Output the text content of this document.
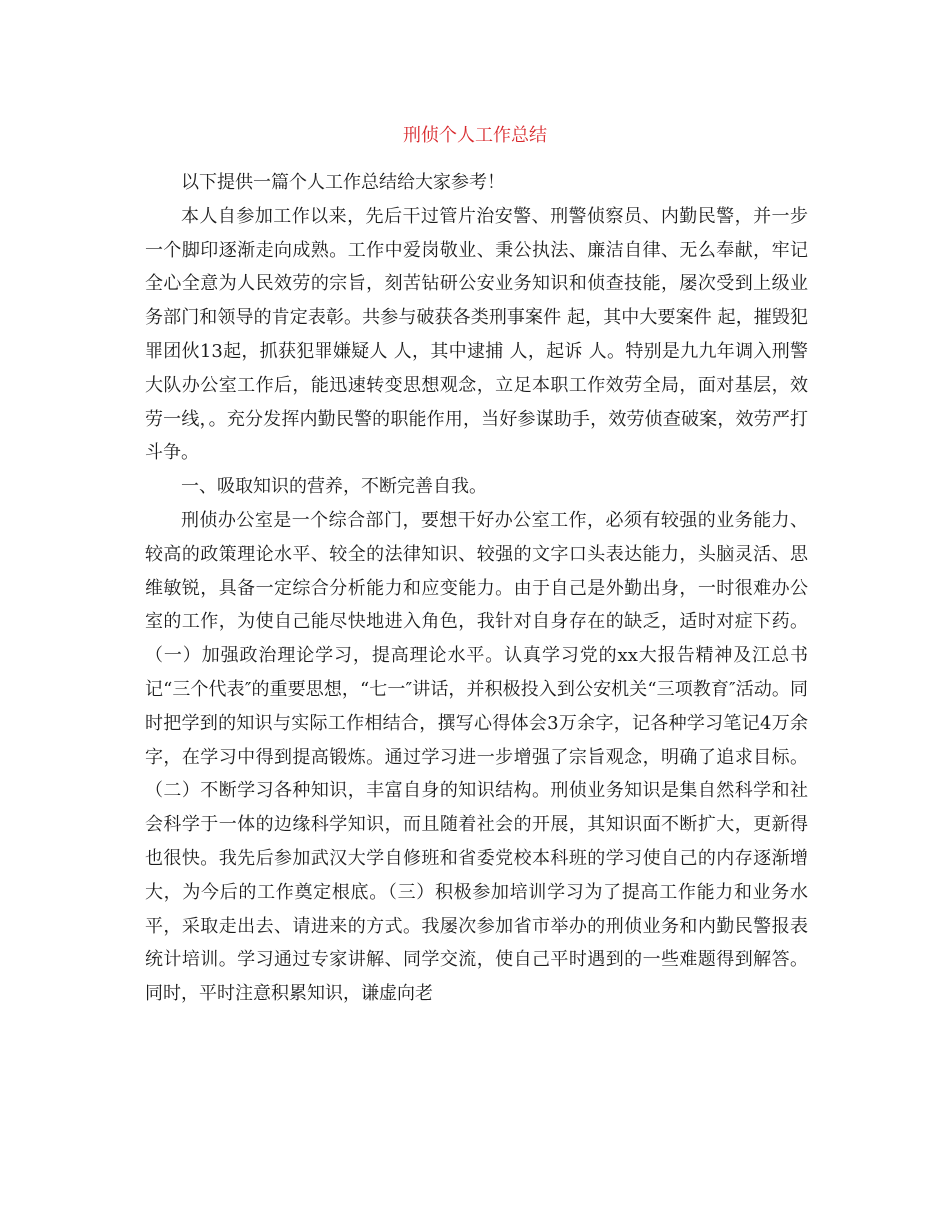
刑侦个人工作总结

以下提供一篇个人工作总结给大家参考！

本人自参加工作以来，先后干过管片治安警、刑警侦察员、内勤民警，并一步一个脚印逐渐走向成熟。工作中爱岗敬业、秉公执法、廉洁自律、无么奉献，牢记全心全意为人民效劳的宗旨，刻苦钻研公安业务知识和侦查技能，屡次受到上级业务部门和领导的肯定表彰。共参与破获各类刑事案件 起，其中大要案件 起，摧毁犯罪团伙13起，抓获犯罪嫌疑人 人，其中逮捕 人，起诉 人。特别是九九年调入刑警大队办公室工作后，能迅速转变思想观念，立足本职工作效劳全局，面对基层，效劳一线，。充分发挥内勤民警的职能作用，当好参谋助手，效劳侦查破案，效劳严打斗争。

一、吸取知识的营养，不断完善自我。

刑侦办公室是一个综合部门，要想干好办公室工作，必须有较强的业务能力、较高的政策理论水平、较全的法律知识、较强的文字口头表达能力，头脑灵活、思维敏锐，具备一定综合分析能力和应变能力。由于自己是外勤出身，一时很难办公室的工作，为使自己能尽快地进入角色，我针对自身存在的缺乏，适时对症下药。（一）加强政治理论学习，提高理论水平。认真学习党的xx大报告精神及江总书记“三个代表″的重要思想，“七一″讲话，并积极投入到公安机关“三项教育″活动。同时把学到的知识与实际工作相结合，撰写心得体会3万余字，记各种学习笔记4万余字，在学习中得到提高锻炼。通过学习进一步增强了宗旨观念，明确了追求目标。（二）不断学习各种知识，丰富自身的知识结构。刑侦业务知识是集自然科学和社会科学于一体的边缘科学知识，而且随着社会的开展，其知识面不断扩大，更新得也很快。我先后参加武汉大学自修班和省委党校本科班的学习使自己的内存逐渐增大，为今后的工作奠定根底。（三）积极参加培训学习为了提高工作能力和业务水平，采取走出去、请进来的方式。我屡次参加省市举办的刑侦业务和内勤民警报表统计培训。学习通过专家讲解、同学交流，使自己平时遇到的一些难题得到解答。同时，平时注意积累知识，谦虚向老
